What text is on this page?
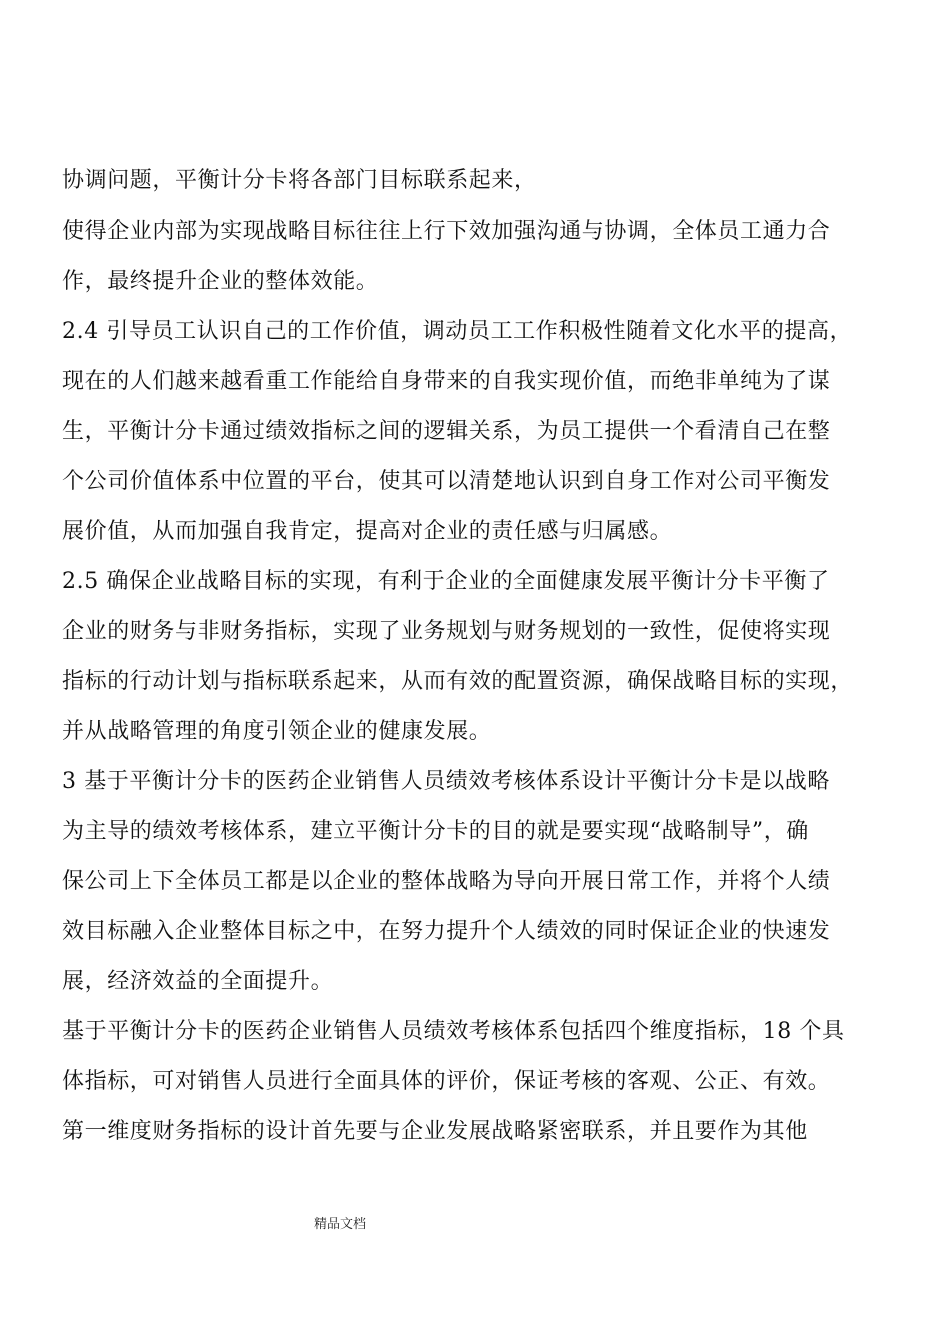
协调问题，平衡计分卡将各部门目标联系起来，
使得企业内部为实现战略目标往往上行下效加强沟通与协调，全体员工通力合
作，最终提升企业的整体效能。
2.4 引导员工认识自己的工作价值，调动员工工作积极性随着文化水平的提高，
现在的人们越来越看重工作能给自身带来的自我实现价值，而绝非单纯为了谋
生，平衡计分卡通过绩效指标之间的逻辑关系，为员工提供一个看清自己在整
个公司价值体系中位置的平台，使其可以清楚地认识到自身工作对公司平衡发
展价值，从而加强自我肯定，提高对企业的责任感与归属感。
2.5 确保企业战略目标的实现，有利于企业的全面健康发展平衡计分卡平衡了
企业的财务与非财务指标，实现了业务规划与财务规划的一致性，促使将实现
指标的行动计划与指标联系起来，从而有效的配置资源，确保战略目标的实现，
并从战略管理的角度引领企业的健康发展。
3 基于平衡计分卡的医药企业销售人员绩效考核体系设计平衡计分卡是以战略
为主导的绩效考核体系，建立平衡计分卡的目的就是要实现“战略制导”，确
保公司上下全体员工都是以企业的整体战略为导向开展日常工作，并将个人绩
效目标融入企业整体目标之中，在努力提升个人绩效的同时保证企业的快速发
展，经济效益的全面提升。
基于平衡计分卡的医药企业销售人员绩效考核体系包括四个维度指标，18 个具
体指标，可对销售人员进行全面具体的评价，保证考核的客观、公正、有效。
第一维度财务指标的设计首先要与企业发展战略紧密联系，并且要作为其他
精品文档
